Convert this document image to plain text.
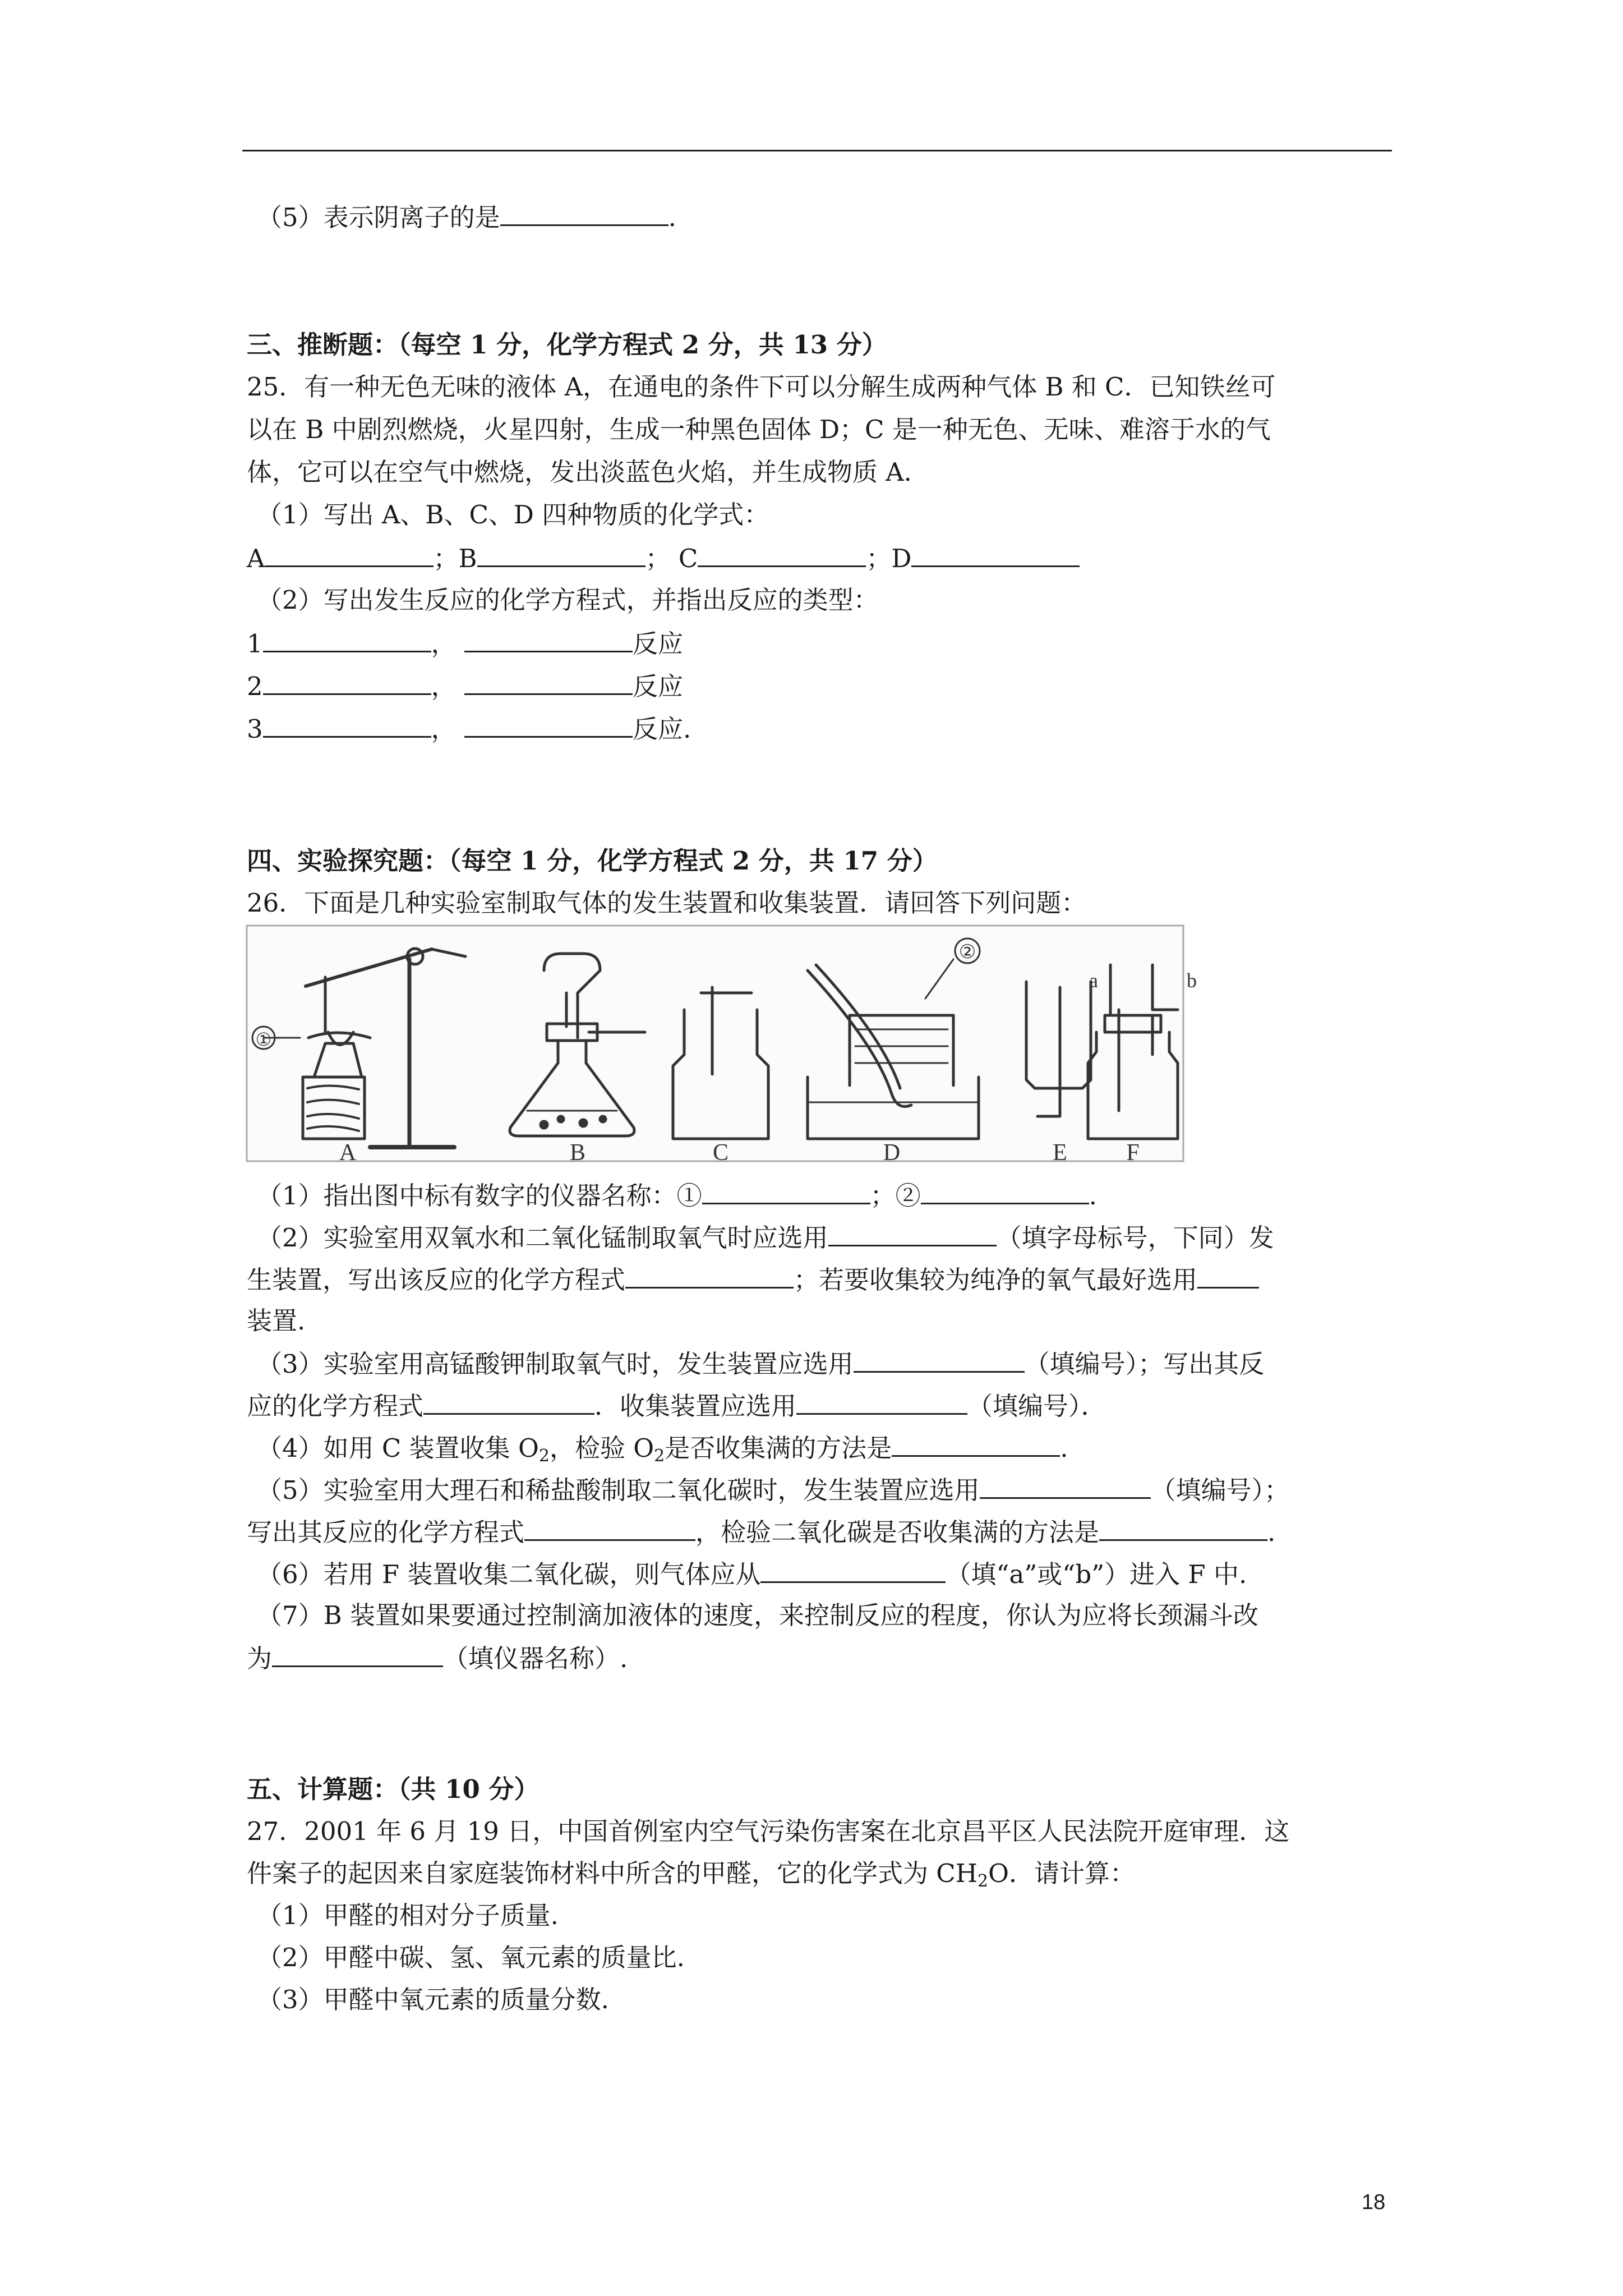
（5）表示阴离子的是	.
三、推断题：（每空 1 分，化学方程式 2 分，共 13 分）
25．有一种无色无味的液体 A，在通电的条件下可以分解生成两种气体 B 和 C．已知铁丝可
以在 B 中剧烈燃烧，火星四射，生成一种黑色固体 D；C 是一种无色、无味、难溶于水的气
体，它可以在空气中燃烧，发出淡蓝色火焰，并生成物质 A．
（1）写出 A、B、C、D 四种物质的化学式：
A	；B	； C	；D
（2）写出发生反应的化学方程式，并指出反应的类型：
1	，	反应
2	，	反应
3	，	反应.
四、实验探究题：（每空 1 分，化学方程式 2 分，共 17 分）
26．下面是几种实验室制取气体的发生装置和收集装置．请回答下列问题：
①
②
a	b
A	B	C	D	E	F
（1）指出图中标有数字的仪器名称：①	；②	.
（2）实验室用双氧水和二氧化锰制取氧气时应选用	（填字母标号，下同）发
生装置，写出该反应的化学方程式	；若要收集较为纯净的氧气最好选用
装置.
（3）实验室用高锰酸钾制取氧气时，发生装置应选用	（填编号）；写出其反
应的化学方程式	．收集装置应选用	（填编号）．
（4）如用 C 装置收集 $O_2$，检验 $O_2$是否收集满的方法是	.
（5）实验室用大理石和稀盐酸制取二氧化碳时，发生装置应选用	（填编号）；
写出其反应的化学方程式	，检验二氧化碳是否收集满的方法是	.
（6）若用 F 装置收集二氧化碳，则气体应从	（填“a”或“b”）进入 F 中.
（7）B 装置如果要通过控制滴加液体的速度，来控制反应的程度，你认为应将长颈漏斗改
为	（填仪器名称）.
五、计算题：（共 10 分）
27．2001 年 6 月 19 日，中国首例室内空气污染伤害案在北京昌平区人民法院开庭审理．这
件案子的起因来自家庭装饰材料中所含的甲醛，它的化学式为 $CH_2O$．请计算：
（1）甲醛的相对分子质量.
（2）甲醛中碳、氢、氧元素的质量比.
（3）甲醛中氧元素的质量分数.
18
